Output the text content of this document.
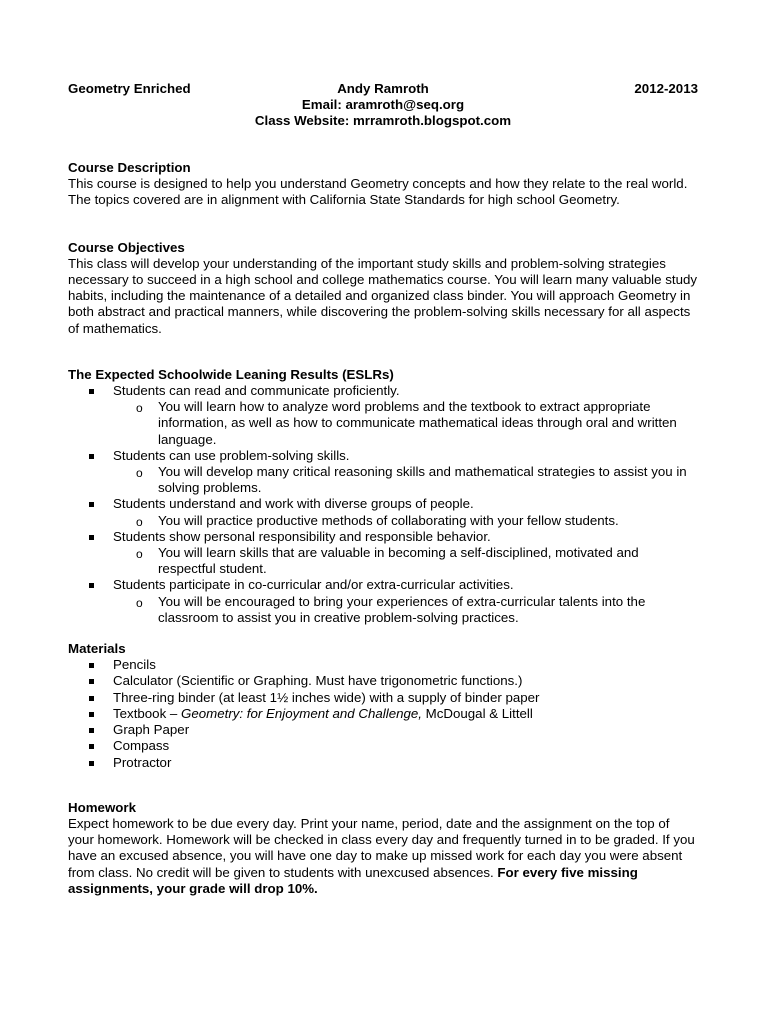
Geometry Enriched	Andy Ramroth	2012-2013
Email: aramroth@seq.org
Class Website: mrramroth.blogspot.com

Course Description

This course is designed to help you understand Geometry concepts and how they relate to the real world. The topics covered are in alignment with California State Standards for high school Geometry.

Course Objectives

This class will develop your understanding of the important study skills and problem-solving strategies necessary to succeed in a high school and college mathematics course. You will learn many valuable study habits, including the maintenance of a detailed and organized class binder. You will approach Geometry in both abstract and practical manners, while discovering the problem-solving skills necessary for all aspects of mathematics.

The Expected Schoolwide Leaning Results (ESLRs)

Students can read and communicate proficiently.
o You will learn how to analyze word problems and the textbook to extract appropriate information, as well as how to communicate mathematical ideas through oral and written language.
Students can use problem-solving skills.
o You will develop many critical reasoning skills and mathematical strategies to assist you in solving problems.
Students understand and work with diverse groups of people.
o You will practice productive methods of collaborating with your fellow students.
Students show personal responsibility and responsible behavior.
o You will learn skills that are valuable in becoming a self-disciplined, motivated and respectful student.
Students participate in co-curricular and/or extra-curricular activities.
o You will be encouraged to bring your experiences of extra-curricular talents into the classroom to assist you in creative problem-solving practices.

Materials

Pencils
Calculator (Scientific or Graphing. Must have trigonometric functions.)
Three-ring binder (at least 1½ inches wide) with a supply of binder paper
Textbook – Geometry: for Enjoyment and Challenge, McDougal & Littell
Graph Paper
Compass
Protractor

Homework

Expect homework to be due every day. Print your name, period, date and the assignment on the top of your homework. Homework will be checked in class every day and frequently turned in to be graded. If you have an excused absence, you will have one day to make up missed work for each day you were absent from class. No credit will be given to students with unexcused absences. For every five missing assignments, your grade will drop 10%.
